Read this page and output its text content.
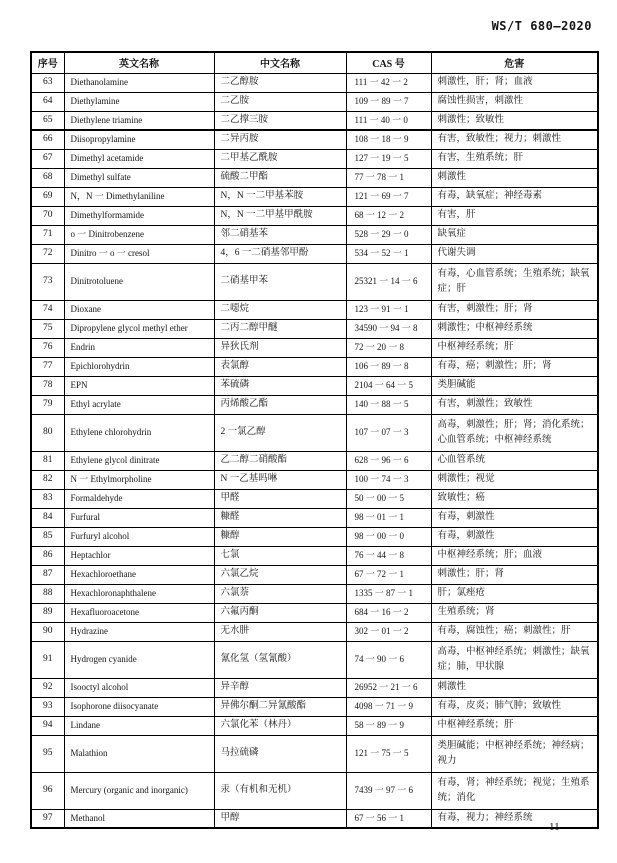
WS/T 680—2020
序号	英文名称	中文名称	CAS 号	危害
63	Diethanolamine	二乙醇胺	111 一 42 一 2	刺激性，肝；肾；血液
64	Diethylamine	二乙胺	109 一 89 一 7	腐蚀性损害，刺激性
65	Diethylene triamine	二乙撑三胺	111 一 40 一 0	刺激性；致敏性
66	Diisopropylamine	二异丙胺	108 一 18 一 9	有害，致敏性；视力；刺激性
67	Dimethyl acetamide	二甲基乙酰胺	127 一 19 一 5	有害，生殖系统；肝
68	Dimethyl sulfate	硫酸二甲酯	77 一 78 一 1	刺激性
69	N，N 一 Dimethylaniline	N，N 一二甲基苯胺	121 一 69 一 7	有毒，缺氧症；神经毒素
70	Dimethylformamide	N，N 一二甲基甲酰胺	68 一 12 一 2	有害，肝
71	o 一 Dinitrobenzene	邻二硝基苯	528 一 29 一 0	缺氧症
72	Dinitro 一 o 一 cresol	4，6 一二硝基邻甲酚	534 一 52 一 1	代谢失调
73	Dinitrotoluene	二硝基甲苯	25321 一 14 一 6	有毒，心血管系统；生殖系统；缺氧症；肝
74	Dioxane	二噁烷	123 一 91 一 1	有害，刺激性；肝；肾
75	Dipropylene glycol methyl ether	二丙二醇甲醚	34590 一 94 一 8	刺激性；中枢神经系统
76	Endrin	异狄氏剂	72 一 20 一 8	中枢神经系统；肝
77	Epichlorohydrin	表氯醇	106 一 89 一 8	有毒，癌；刺激性；肝；肾
78	EPN	苯硫磷	2104 一 64 一 5	类胆碱能
79	Ethyl acrylate	丙烯酸乙酯	140 一 88 一 5	有害，刺激性；致敏性
80	Ethylene chlorohydrin	2 一氯乙醇	107 一 07 一 3	高毒，刺激性；肝；肾；消化系统；心血管系统；中枢神经系统
81	Ethylene glycol dinitrate	乙二醇二硝酸酯	628 一 96 一 6	心血管系统
82	N 一 Ethylmorpholine	N 一乙基吗啉	100 一 74 一 3	刺激性；视觉
83	Formaldehyde	甲醛	50 一 00 一 5	致敏性；癌
84	Furfural	糠醛	98 一 01 一 1	有毒，刺激性
85	Furfuryl alcohol	糠醇	98 一 00 一 0	有毒，刺激性
86	Heptachlor	七氯	76 一 44 一 8	中枢神经系统；肝；血液
87	Hexachloroethane	六氯乙烷	67 一 72 一 1	刺激性；肝；肾
88	Hexachloronaphthalene	六氯萘	1335 一 87 一 1	肝；氯痤疮
89	Hexafluoroacetone	六氟丙酮	684 一 16 一 2	生殖系统；肾
90	Hydrazine	无水肼	302 一 01 一 2	有毒，腐蚀性；癌；刺激性；肝
91	Hydrogen cyanide	氰化氢（氢氰酸）	74 一 90 一 6	高毒，中枢神经系统；刺激性；缺氧症；肺，甲状腺
92	Isooctyl alcohol	异辛醇	26952 一 21 一 6	刺激性
93	Isophorone diisocyanate	异佛尔酮二异氰酸酯	4098 一 71 一 9	有毒，皮炎；肺气肿；致敏性
94	Lindane	六氯化苯（林丹）	58 一 89 一 9	中枢神经系统；肝
95	Malathion	马拉硫磷	121 一 75 一 5	类胆碱能；中枢神经系统；神经病；视力
96	Mercury (organic and inorganic)	汞（有机和无机）	7439 一 97 一 6	有毒，肾；神经系统；视觉；生殖系统；消化
97	Methanol	甲醇	67 一 56 一 1	有毒，视力；神经系统
11
